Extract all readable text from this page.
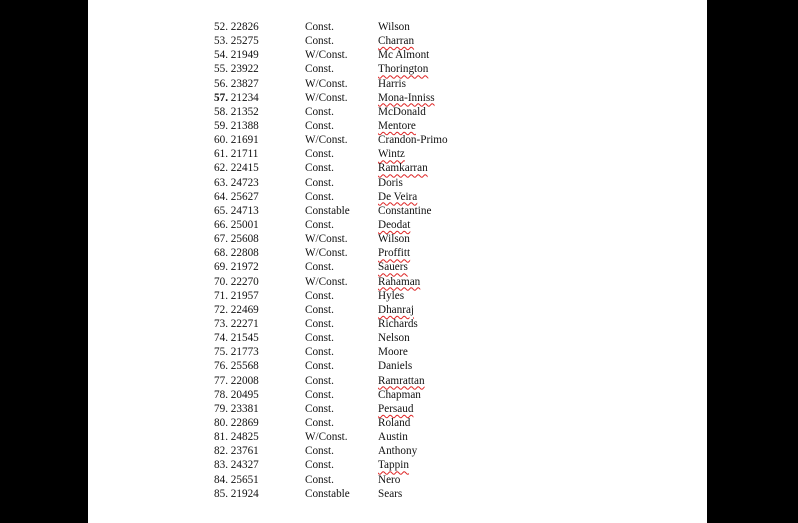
52. 22826	Const.	Wilson
53. 25275	Const.	Charran
54. 21949	W/Const.	Mc Almont
55. 23922	Const.	Thorington
56. 23827	W/Const.	Harris
57. 21234	W/Const.	Mona-Inniss
58. 21352	Const.	McDonald
59. 21388	Const.	Mentore
60. 21691	W/Const.	Crandon-Primo
61. 21711	Const.	Wintz
62. 22415	Const.	Ramkarran
63. 24723	Const.	Doris
64. 25627	Const.	De Veira
65. 24713	Constable	Constantine
66. 25001	Const.	Deodat
67. 25608	W/Const.	Wilson
68. 22808	W/Const.	Proffitt
69. 21972	Const.	Sauers
70. 22270	W/Const.	Rahaman
71. 21957	Const.	Hyles
72. 22469	Const.	Dhanraj
73. 22271	Const.	Richards
74. 21545	Const.	Nelson
75. 21773	Const.	Moore
76. 25568	Const.	Daniels
77. 22008	Const.	Ramrattan
78. 20495	Const.	Chapman
79. 23381	Const.	Persaud
80. 22869	Const.	Roland
81. 24825	W/Const.	Austin
82. 23761	Const.	Anthony
83. 24327	Const.	Tappin
84. 25651	Const.	Nero
85. 21924	Constable	Sears
